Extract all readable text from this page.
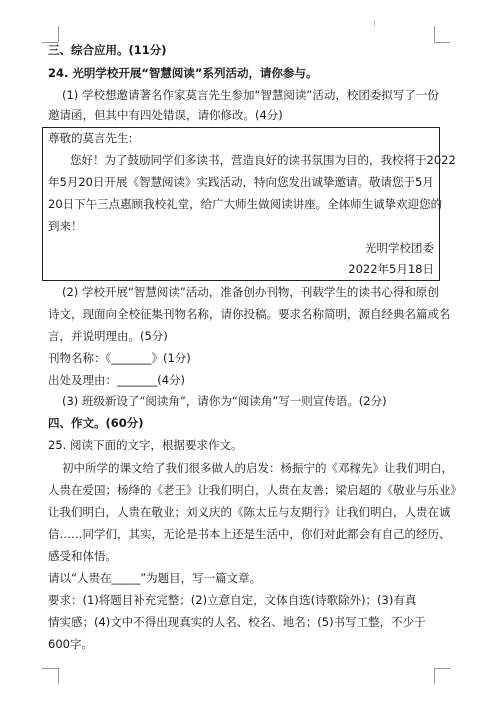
三、综合应用。(11分)
24. 光明学校开展“智慧阅读”系列活动，请你参与。
(1) 学校想邀请著名作家莫言先生参加“智慧阅读”活动，校团委拟写了一份
邀请函，但其中有四处错误，请你修改。(4分)
尊敬的莫言先生:
您好！为了鼓励同学们多读书，营造良好的读书氛围为目的，我校将于2022
年5月20日开展《智慧阅读》实践活动，特向您发出诚挚邀请。敬请您于5月
20日下午三点惠顾我校礼堂，给广大师生做阅读讲座。全体师生诚挚欢迎您的
到来！
光明学校团委
2022年5月18日
(2) 学校开展“智慧阅读”活动，准备创办刊物，刊载学生的读书心得和原创
诗文，现面向全校征集刊物名称，请你投稿。要求名称简明，源自经典名篇或名
言，并说明理由。(5分)
刊物名称：《_______》(1分)
出处及理由：_______(4分)
(3) 班级新设了“阅读角”，请你为“阅读角”写一则宣传语。(2分)
四、作文。(60分)
25. 阅读下面的文字，根据要求作文。
初中所学的课文给了我们很多做人的启发：杨振宁的《邓稼先》让我们明白，
人贵在爱国；杨绛的《老王》让我们明白，人贵在友善；梁启超的《敬业与乐业》
让我们明白，人贵在敬业；刘义庆的《陈太丘与友期行》让我们明白，人贵在诚
信……同学们，其实，无论是书本上还是生活中，你们对此都会有自己的经历、
感受和体悟。
请以“人贵在_____”为题目，写一篇文章。
要求：(1)将题目补充完整；(2)立意自定，文体自选(诗歌除外)；(3)有真
情实感；(4)文中不得出现真实的人名、校名、地名；(5)书写工整，不少于
600字。
